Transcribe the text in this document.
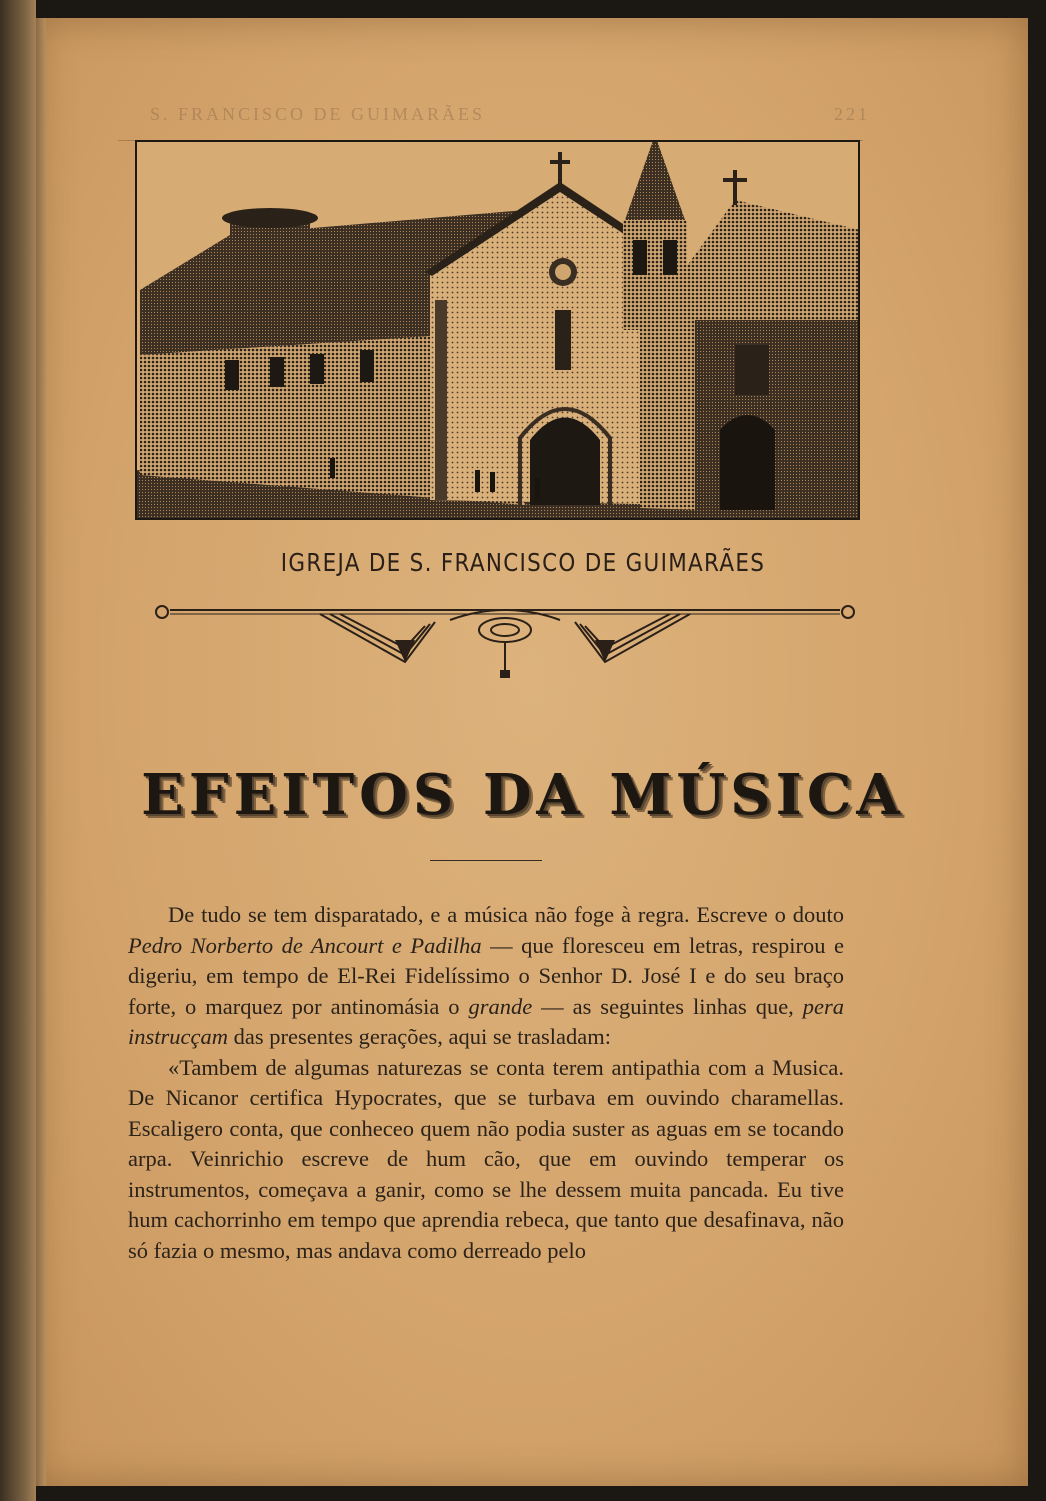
S. FRANCISCO DE GUIMARÃES	221
IGREJA DE S. FRANCISCO DE GUIMARÃES
EFEITOS DA MÚSICA

De tudo se tem disparatado, e a música não foge à regra. Escreve o douto Pedro Norberto de Ancourt e Padilha — que floresceu em letras, respirou e digeriu, em tempo de El-Rei Fidelíssimo o Senhor D. José I e do seu braço forte, o marquez por antinomásia o grande — as seguintes linhas que, pera instrucçam das presentes gerações, aqui se trasladam:

«Tambem de algumas naturezas se conta terem antipathia com a Musica. De Nicanor certifica Hypocrates, que se turbava em ouvindo charamellas. Escaligero conta, que conheceo quem não podia suster as aguas em se tocando arpa. Veinrichio escreve de hum cão, que em ouvindo temperar os instrumentos, começava a ganir, como se lhe dessem muita pancada. Eu tive hum cachorrinho em tempo que aprendia rebeca, que tanto que desafinava, não só fazia o mesmo, mas andava como derreado pelo
